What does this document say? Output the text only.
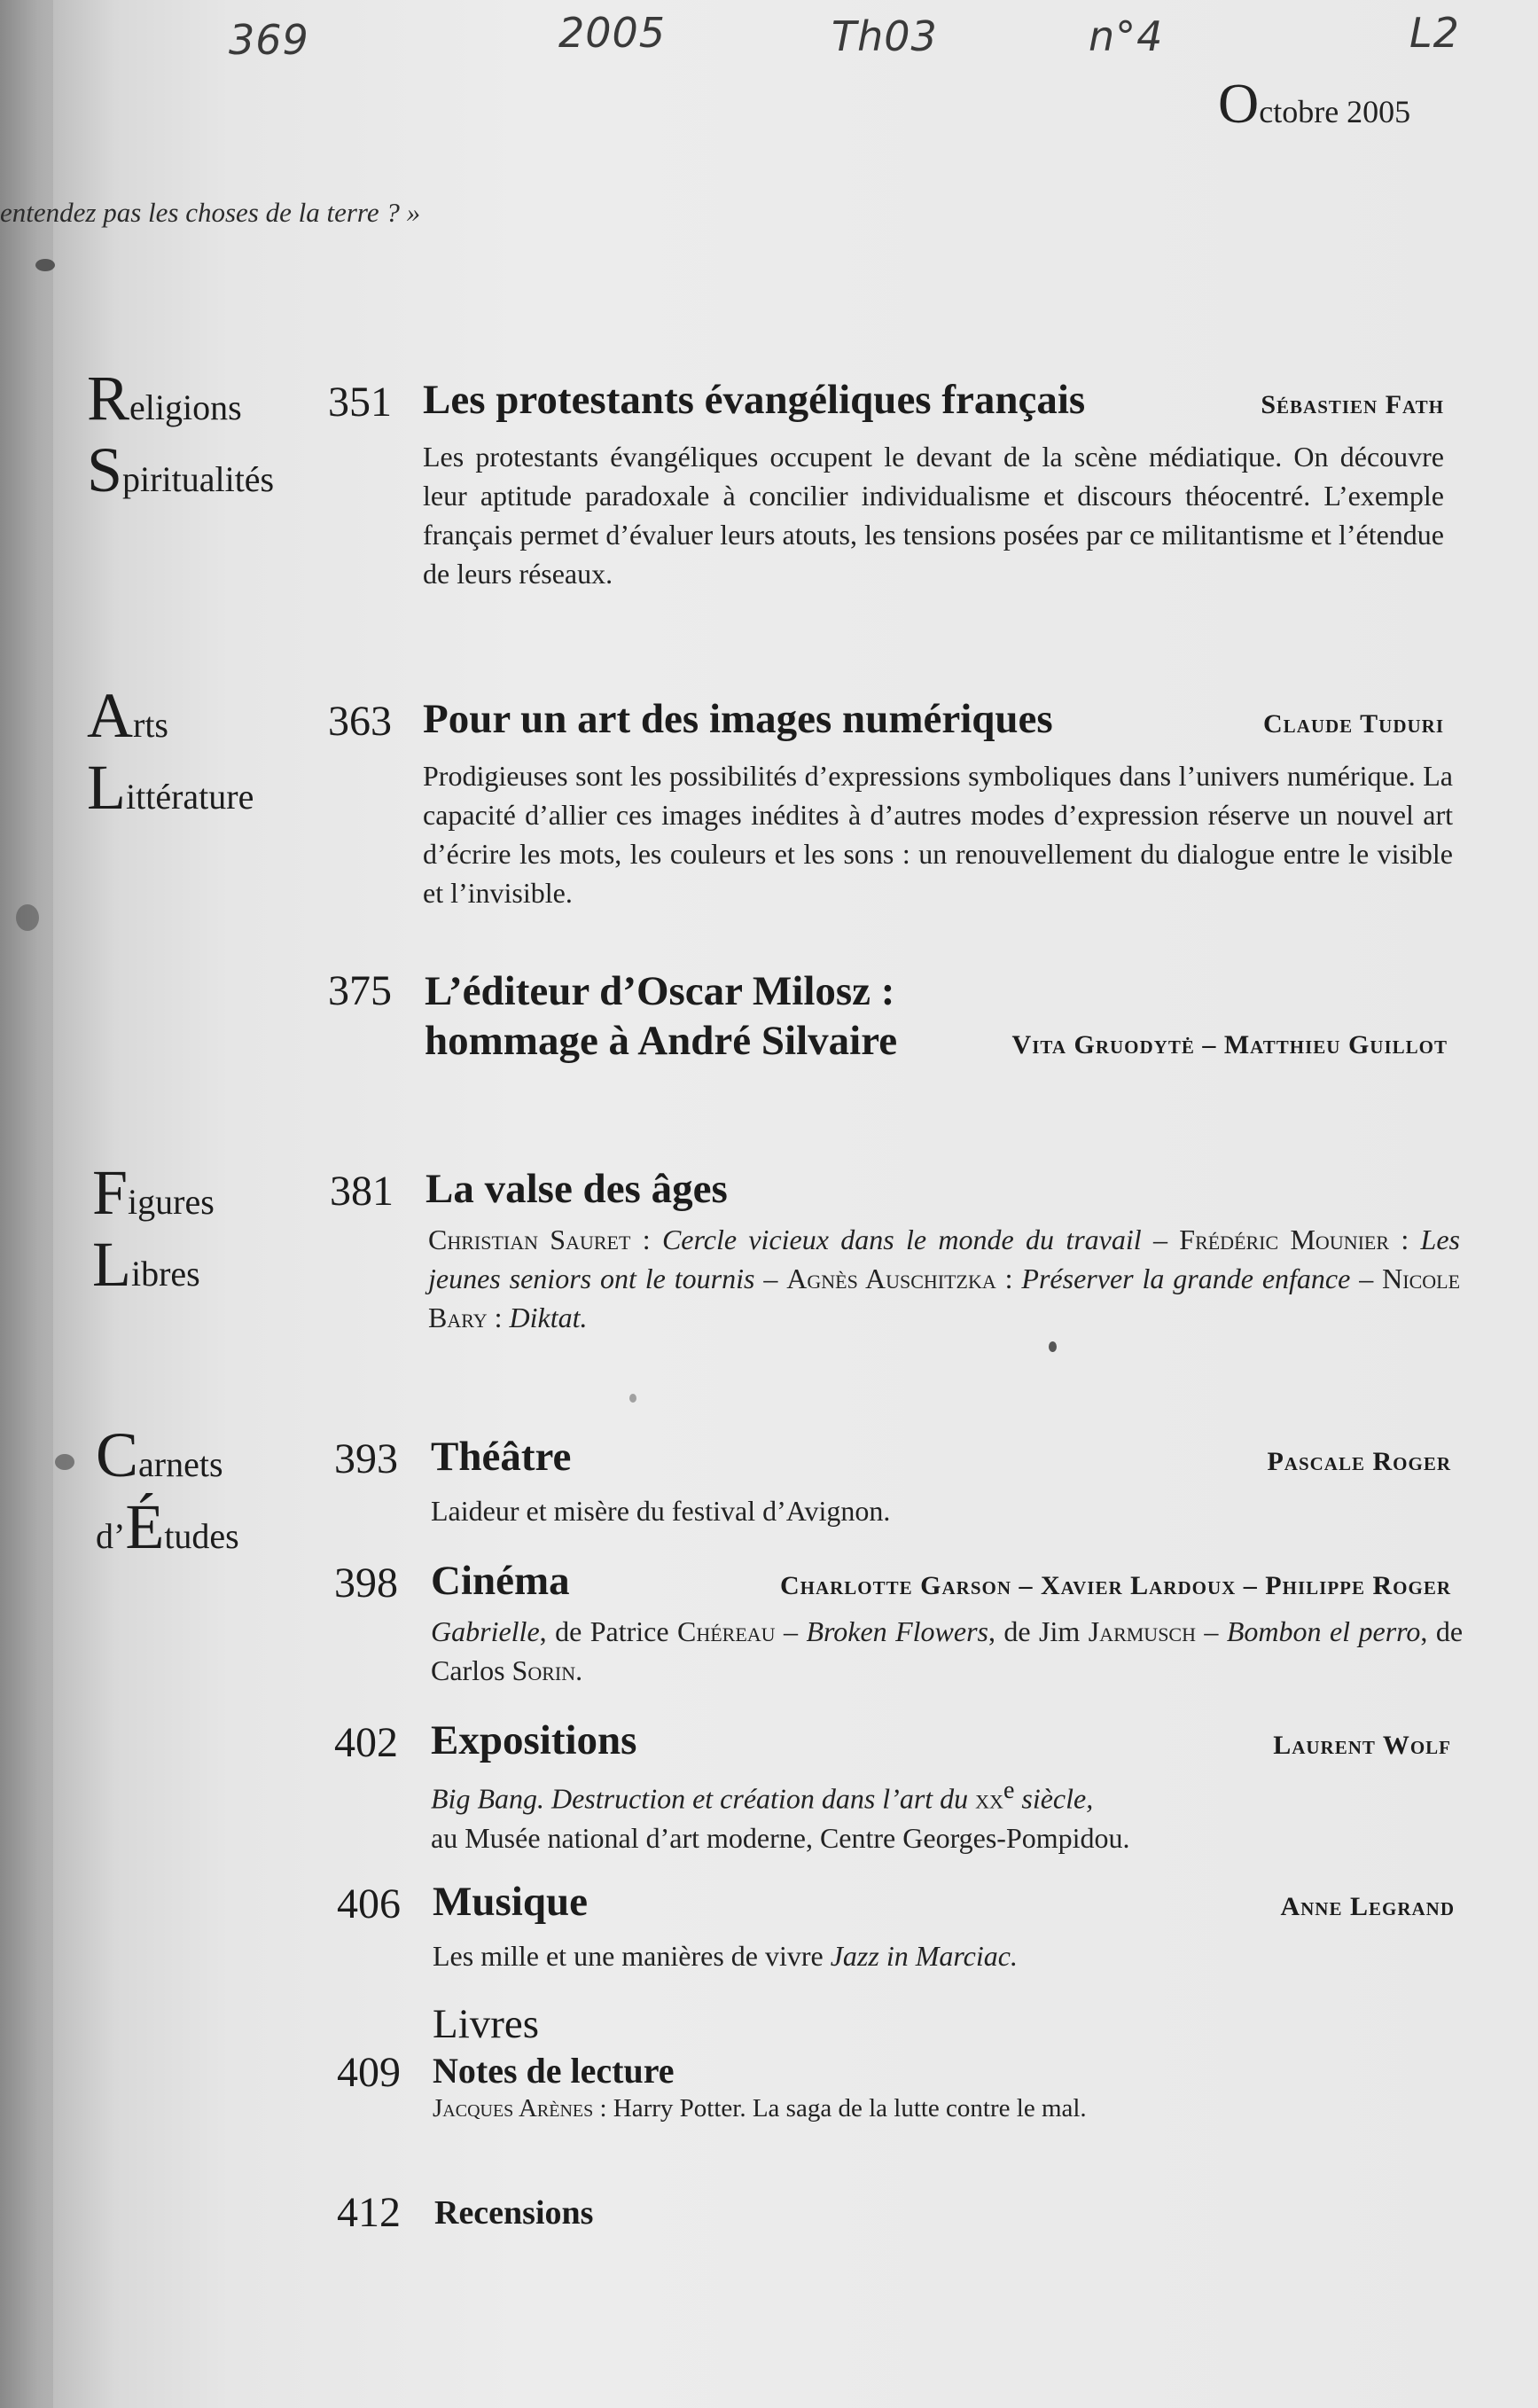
369	2005	Th03	n°4	L2
Octobre 2005
entendez pas les choses de la terre ? »
Religions
Spiritualités
Arts
Littérature
Figures
Libres
Carnets
d’Études
351 Les protestants évangéliques français	Sébastien Fath
Les protestants évangéliques occupent le devant de la scène médiatique. On découvre leur aptitude paradoxale à concilier individualisme et discours théocentré. L’exemple français permet d’évaluer leurs atouts, les tensions posées par ce militantisme et l’étendue de leurs réseaux.
363 Pour un art des images numériques	Claude Tuduri
Prodigieuses sont les possibilités d’expressions symboliques dans l’univers numérique. La capacité d’allier ces images inédites à d’autres modes d’expression réserve un nouvel art d’écrire les mots, les couleurs et les sons : un renouvellement du dialogue entre le visible et l’invisible.
375 L’éditeur d’Oscar Milosz :
hommage à André Silvaire	Vita Gruodytė – Matthieu Guillot
381 La valse des âges
Christian Sauret : Cercle vicieux dans le monde du travail – Frédéric Mounier : Les jeunes seniors ont le tournis – Agnès Auschitzka : Préserver la grande enfance – Nicole Bary : Diktat.
393 Théâtre	Pascale Roger
Laideur et misère du festival d’Avignon.
398 Cinéma	Charlotte Garson – Xavier Lardoux – Philippe Roger
Gabrielle, de Patrice Chéreau – Broken Flowers, de Jim Jarmusch – Bombon el perro, de Carlos Sorin.
402 Expositions	Laurent Wolf
Big Bang. Destruction et création dans l’art du $xx^e$ siècle,
au Musée national d’art moderne, Centre Georges-Pompidou.
406 Musique	Anne Legrand
Les mille et une manières de vivre Jazz in Marciac.
Livres
409 Notes de lecture
Jacques Arènes : Harry Potter. La saga de la lutte contre le mal.
412 Recensions
